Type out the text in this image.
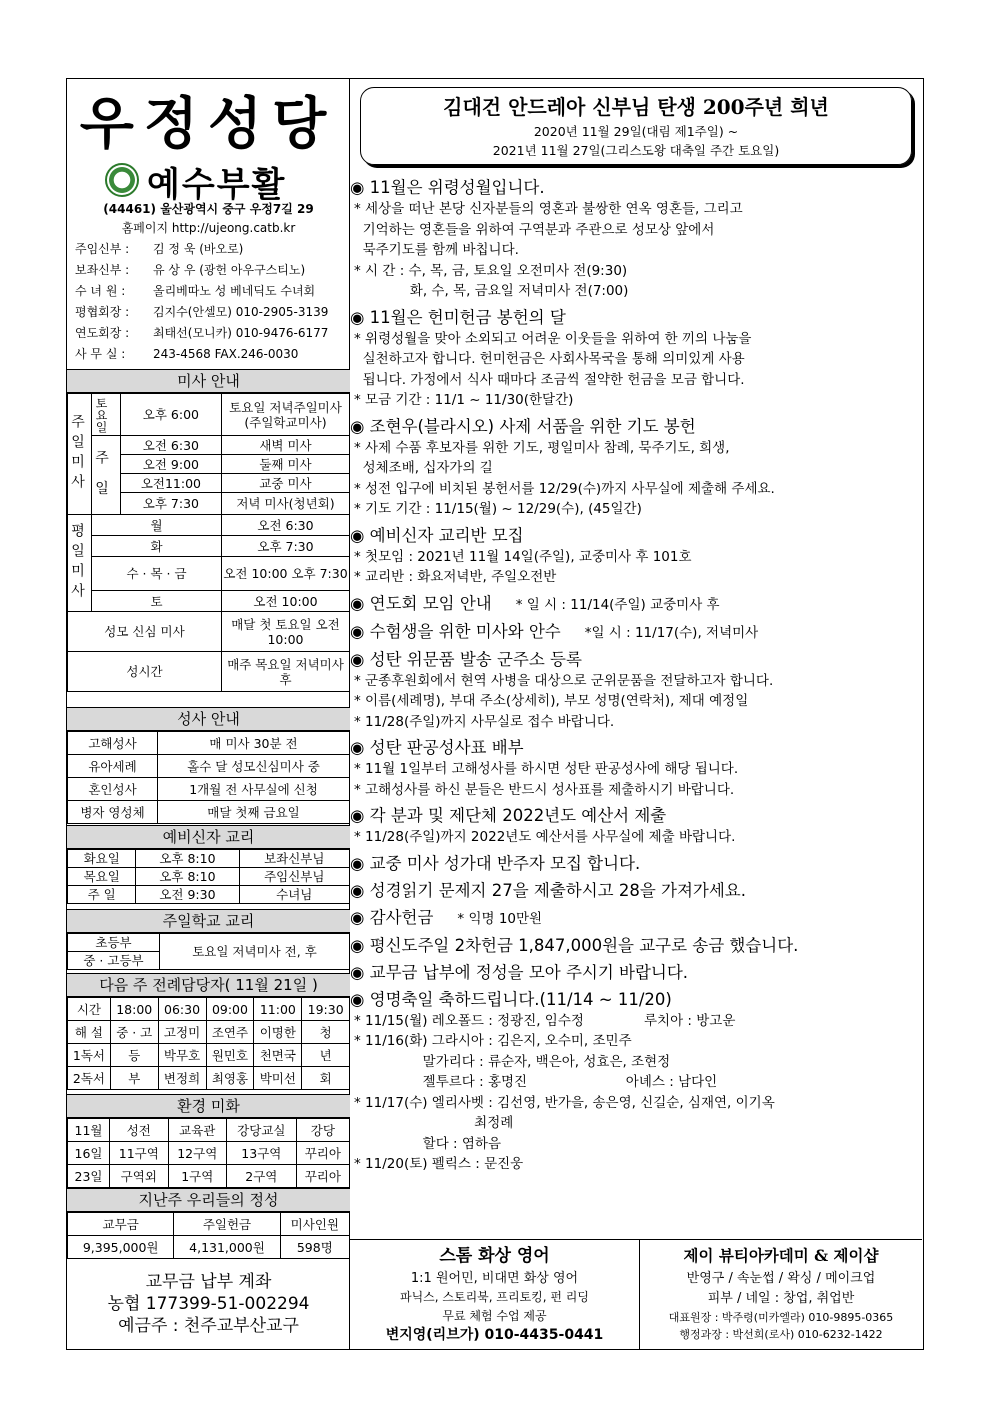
우정성당
예수부활
(44461) 울산광역시 중구 우정7길 29
홈페이지 http://ujeong.catb.kr
주임신부 : 김 정 욱 (바오로)
보좌신부 : 유 상 우 (광헌 아우구스티노)
수 녀 원 : 올리베따노 성 베네딕도 수녀회
평협회장 : 김지수(안셀모) 010-2905-3139
연도회장 : 최태선(모니카) 010-9476-6177
사 무 실 : 243-4568 FAX.246-0030
미사 안내
주일미사	토요일	오후 6:00	토요일 저녁주일미사 (주일학교미사)

	주 일	오전 6:30	새벽 미사
		오전 9:00	둘째 미사
		오전11:00	교중 미사
		오후 7:30	저녁 미사(청년회)

평일미사	월		오전 6:30
	화		오후 7:30
	수 · 목 · 금		오전 10:00 오후 7:30
	토		오전 10:00
성모 신심 미사			매달 첫 토요일 오전 10:00
성시간			매주 목요일 저녁미사 후
성사 안내
고해성사	매 미사 30분 전
유아세례	홀수 달 성모신심미사 중
혼인성사	1개월 전 사무실에 신청
병자 영성체	매달 첫째 금요일
예비신자 교리
화요일	오후 8:10	보좌신부님
목요일	오후 8:10	주임신부님
주 일	오전 9:30	수녀님
주일학교 교리
초등부	토요일 저녁미사 전, 후
중 · 고등부
다음 주 전례담당자( 11월 21일 )
시간	18:00	06:30	09:00	11:00	19:30
해 설	중 · 고	고정미	조연주	이명한	청
1독서	등	박무호	원민호	천면국	년
2독서	부	변정희	최영홍	박미선	회
환경 미화
11월	성전	교육관	강당교실	강당
16일	11구역	12구역	13구역	꾸리아
23일	구역외	1구역	2구역	꾸리아
지난주 우리들의 정성
교무금	주일헌금	미사인원
9,395,000원	4,131,000원	598명
교무금 납부 계좌
농협 177399-51-002294
예금주 : 천주교부산교구
김대건 안드레아 신부님 탄생 200주년 희년
2020년 11월 29일(대림 제1주일) ~
2021년 11월 27일(그리스도왕 대축일 주간 토요일)
◉ 11월은 위령성월입니다.
* 세상을 떠난 본당 신자분들의 영혼과 불쌍한 연옥 영혼들, 그리고
기억하는 영혼들을 위하여 구역분과 주관으로 성모상 앞에서
묵주기도를 함께 바칩니다.
* 시 간 : 수, 목, 금, 토요일 오전미사 전(9:30)
화, 수, 목, 금요일 저녁미사 전(7:00)
◉ 11월은 헌미헌금 봉헌의 달
* 위령성월을 맞아 소외되고 어려운 이웃들을 위하여 한 끼의 나눔을
실천하고자 합니다. 헌미헌금은 사회사목국을 통해 의미있게 사용
됩니다. 가정에서 식사 때마다 조금씩 절약한 헌금을 모금 합니다.
* 모금 기간 : 11/1 ~ 11/30(한달간)
◉ 조현우(블라시오) 사제 서품을 위한 기도 봉헌
* 사제 수품 후보자를 위한 기도, 평일미사 참례, 묵주기도, 희생,
성체조배, 십자가의 길
* 성전 입구에 비치된 봉헌서를 12/29(수)까지 사무실에 제출해 주세요.
* 기도 기간 : 11/15(월) ~ 12/29(수), (45일간)
◉ 예비신자 교리반 모집
* 첫모임 : 2021년 11월 14일(주일), 교중미사 후 101호
* 교리반 : 화요저녁반, 주일오전반
◉ 연도회 모임 안내 * 일 시 : 11/14(주일) 교중미사 후
◉ 수험생을 위한 미사와 안수 *일 시 : 11/17(수), 저녁미사
◉ 성탄 위문품 발송 군주소 등록
* 군종후원회에서 현역 사병을 대상으로 군위문품을 전달하고자 합니다.
* 이름(세례명), 부대 주소(상세히), 부모 성명(연락처), 제대 예정일
* 11/28(주일)까지 사무실로 접수 바랍니다.
◉ 성탄 판공성사표 배부
* 11월 1일부터 고해성사를 하시면 성탄 판공성사에 해당 됩니다.
* 고해성사를 하신 분들은 반드시 성사표를 제출하시기 바랍니다.
◉ 각 분과 및 제단체 2022년도 예산서 제출
* 11/28(주일)까지 2022년도 예산서를 사무실에 제출 바랍니다.
◉ 교중 미사 성가대 반주자 모집 합니다.
◉ 성경읽기 문제지 27을 제출하시고 28을 가져가세요.
◉ 감사헌금 * 익명 10만원
◉ 평신도주일 2차헌금 1,847,000원을 교구로 송금 했습니다.
◉ 교무금 납부에 정성을 모아 주시기 바랍니다.
◉ 영명축일 축하드립니다.(11/14 ~ 11/20)
* 11/15(월) 레오폴드 : 정광진, 임수정              루치아 : 방고운
* 11/16(화) 그라시아 : 김은지, 오수미, 조민주
말가리다 : 류순자, 백은아, 성효은, 조현정
젤투르다 : 홍명진                       아녜스 : 남다인
* 11/17(수) 엘리사벳 : 김선영, 반가을, 송은영, 신길순, 심재연, 이기옥
최정례
할다 : 염하음
* 11/20(토) 펠릭스 : 문진웅
스톰 화상 영어
1:1 원어민, 비대면 화상 영어
파닉스, 스토리북, 프리토킹, 펀 리딩
무료 체험 수업 제공
변지영(리브가) 010-4435-0441
제이 뷰티아카데미 & 제이샵
반영구 / 속눈썹 / 왁싱 / 메이크업
피부 / 네일 : 창업, 취업반
대표원장 : 박주령(미카엘라) 010-9895-0365
행정과장 : 박선희(로사) 010-6232-1422
